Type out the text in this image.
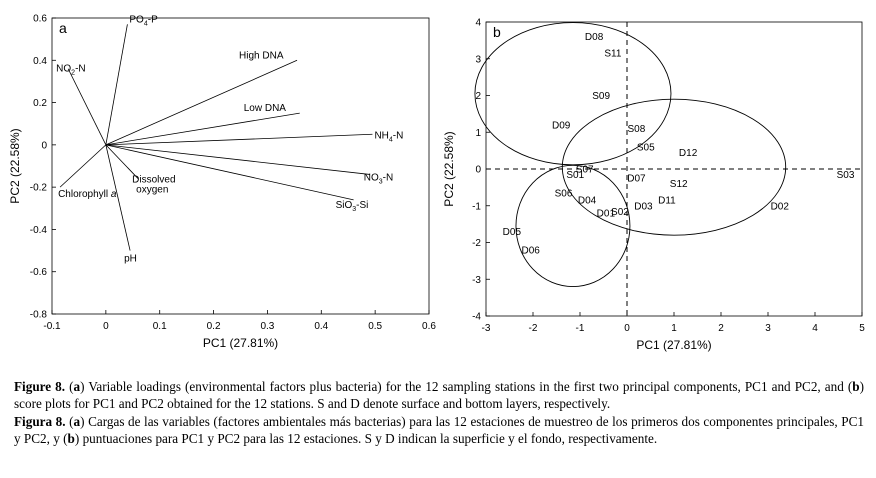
-0.1	0	0.1	0.2	0.3	0.4	0.5	0.6
0.6
0.4
0.2
0
-0.2
-0.4
-0.6
-0.8
PC1 (27.81%)
PC2 (22.58%)
a
$PO_4-P$
$NO_2-N$
High DNA
Low DNA
$NH_4-N$
$NO_3-N$
SiO$_3$-Si
Chlorophyll a
Dissolved
oxygen
pH
-3	-2	-1	0	1	2	3	4	5
4
3
2
1
0
-1
-2
-3
-4
PC1 (27.81%)
PC2 (22.58%)
b	D08
S11
S09
D09	S08
S05
D12
S07
S01	D07
S12
S03
S06
D04	D11
D03	D02
D01
S02
D05
D06
Figure 8. (a) Variable loadings (environmental factors plus bacteria) for the 12 sampling stations in the first two principal components, PC1 and PC2, and (b) score plots for PC1 and PC2 obtained for the 12 stations. S and D denote surface and bottom layers, respectively.
Figura 8. (a) Cargas de las variables (factores ambientales más bacterias) para las 12 estaciones de muestreo de los primeros dos componentes principales, PC1 y PC2, y (b) puntuaciones para PC1 y PC2 para las 12 estaciones. S y D indican la superficie y el fondo, respectivamente.
